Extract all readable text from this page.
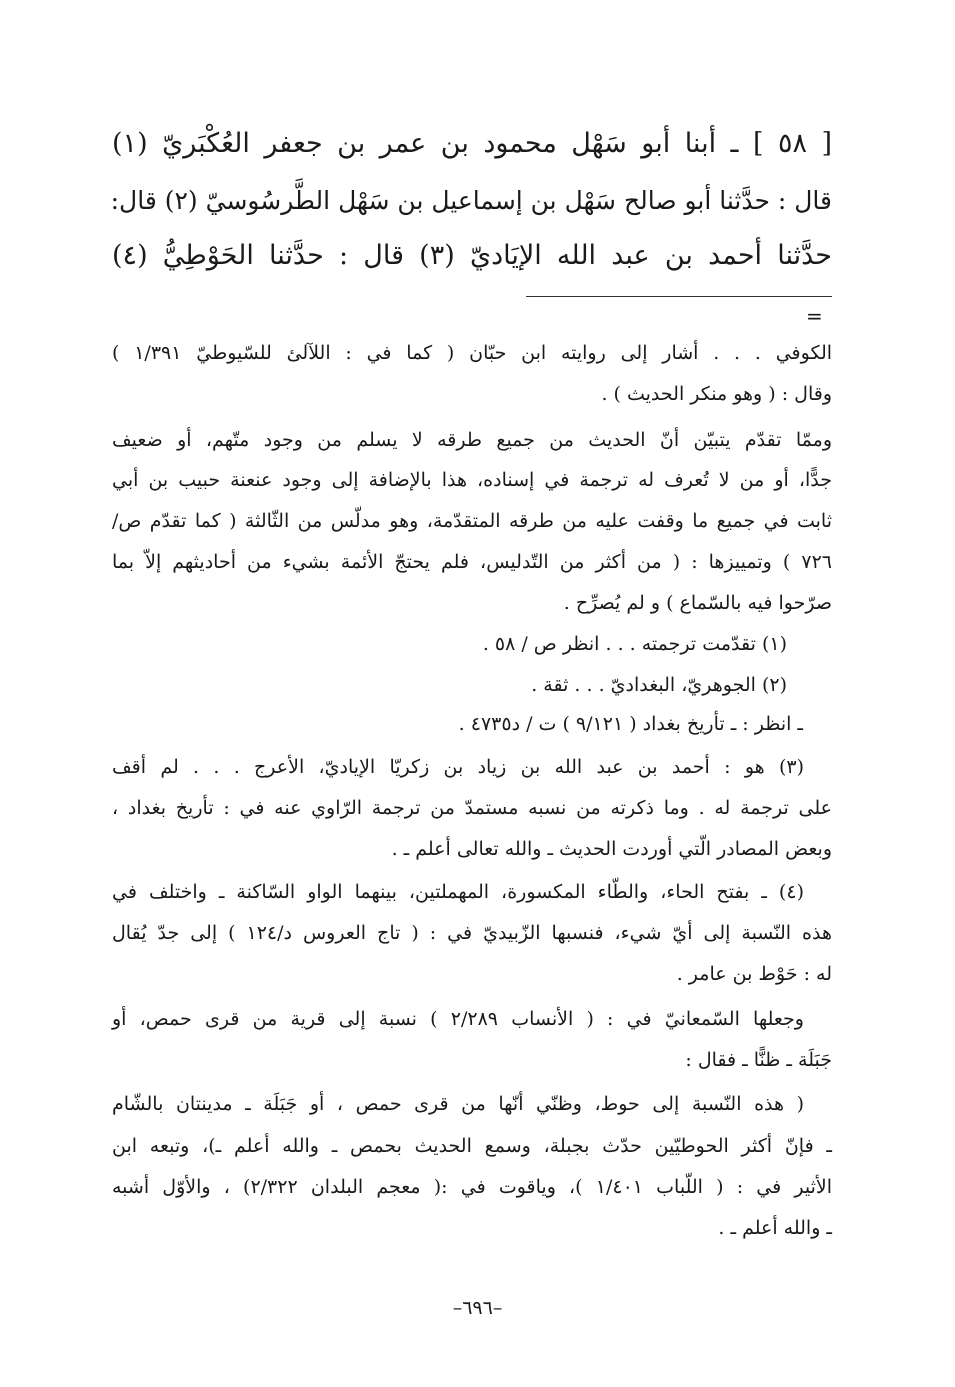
[ ٥٨ ] ـ أبنا أبو سَهْل محمود بن عمر بن جعفر العُكْبَريّ (١)
قال : حدَّثنا أبو صالح سَهْل بن إسماعيل بن سَهْل الطَّرسُوسيّ (٢) قال:
حدَّثنا أحمد بن عبد الله الإيَاديّ (٣) قال : حدَّثنا الحَوْطِيُّ (٤)
=
الكوفي . . . أشار إلى روايته ابن حبّان ( كما في : اللآلئ للسّيوطيّ ١/٣٩١ )
وقال : ( وهو منكر الحديث ) .
وممّا تقدّم يتبيّن أنّ الحديث من جميع طرقه لا يسلم من وجود متّهم، أو ضعيف
جدًّا، أو من لا تُعرف له ترجمة في إسناده، هذا بالإضافة إلى وجود عنعنة حبيب بن أبي
ثابت في جميع ما وقفت عليه من طرقه المتقدّمة، وهو مدلّس من الثّالثة ( كما تقدّم ص/
٧٢٦ ) وتمييزها : ( من أكثر من التّدليس، فلم يحتجّ الأئمة بشيء من أحاديثهم إلاّ بما
صرّحوا فيه بالسّماع ) و لم يُصرِّح .
(١) تقدّمت ترجمته . . . انظر ص / ٥٨ .
(٢) الجوهريّ، البغداديّ . . . ثقة .
ـ انظر : ـ تأريخ بغداد ( ٩/١٢١ ) ت / د٤٧٣٥ .
(٣) هو : أحمد بن عبد الله بن زياد بن زكريّا الإياديّ، الأعرج . . . لم أقف
على ترجمة له . وما ذكرته من نسبه مستمدّ من ترجمة الرّاوي عنه في : تأريخ بغداد ،
وبعض المصادر الّتي أوردت الحديث ـ والله تعالى أعلم ـ .
(٤) ـ بفتح الحاء، والطّاء المكسورة، المهملتين، بينهما الواو السّاكنة ـ واختلف في
هذه النّسبة إلى أيّ شيء، فنسبها الزّبيديّ في : ( تاج العروس د/١٢٤ ) إلى جدّ يُقال
له : حَوْط بن عامر .
وجعلها السّمعانيّ في : ( الأنساب ٢/٢٨٩ ) نسبة إلى قرية من قرى حمص، أو
جَبَلَة ـ ظنًّا ـ فقال :
( هذه النّسبة إلى حوط، وظنّي أنّها من قرى حمص ، أو جَبَلَة ـ مدينتان بالشّام
ـ فإنّ أكثر الحوطيّين حدّث بجبلة، وسمع الحديث بحمص ـ والله أعلم ـ)، وتبعه ابن
الأثير في : ( اللّباب ١/٤٠١ )، وياقوت في :( معجم البلدان ٢/٣٢٢) ، والأوّل أشبه
ـ والله أعلم ـ .
–٦٩٦–
